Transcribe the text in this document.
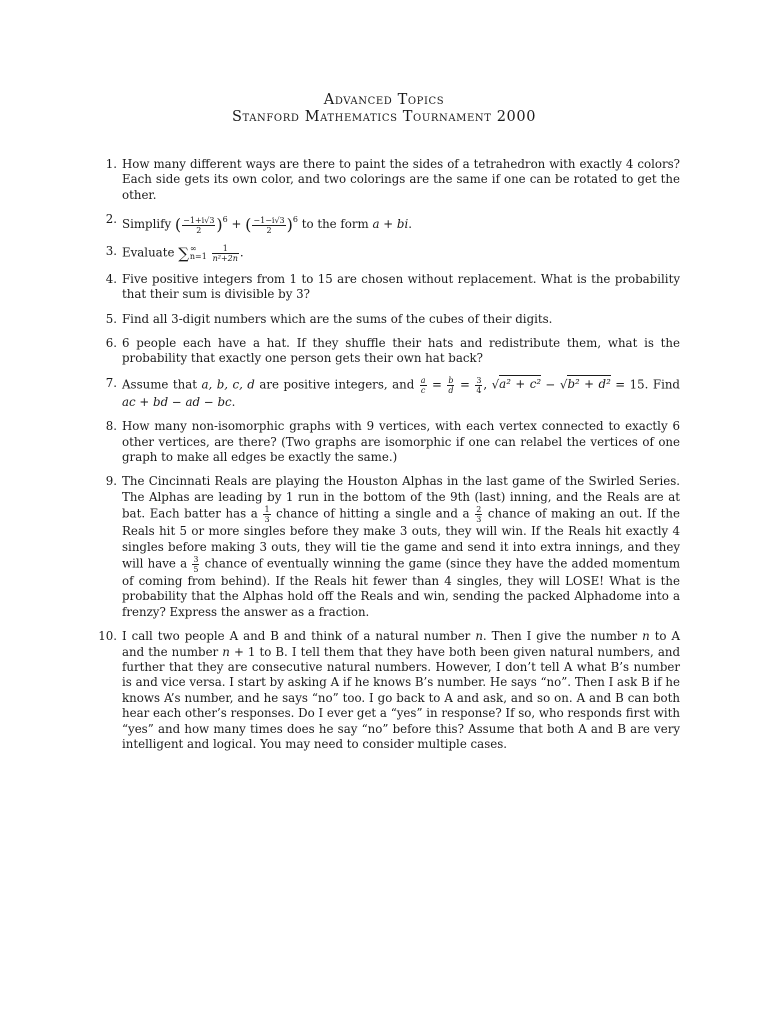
Advanced Topics
Stanford Mathematics Tournament 2000
1. How many different ways are there to paint the sides of a tetrahedron with exactly 4 colors? Each side gets its own color, and two colorings are the same if one can be rotated to get the other.
2. Simplify ( $\frac{-1+i√3}{2} )^6$ + ( $\frac{-1-i√3}{2} )^6$ to the form a + bi.
3. Evaluate ∑ ∞
n=1
$\frac{1}{\text{n²+2n}}$ .
4. Five positive integers from 1 to 15 are chosen without replacement. What is the probability that their sum is divisible by 3?
5. Find all 3-digit numbers which are the sums of the cubes of their digits.
6. 6 people each have a hat. If they shuffle their hats and redistribute them, what is the probability that exactly one person gets their own hat back?
7. Assume that a, b, c, d are positive integers, and $\frac{a}{c} = \frac{b}{d} = \frac{3}{4}$ , √a² + c² − √b² + d² = 15. Find ac + bd − ad − bc.
8. How many non-isomorphic graphs with 9 vertices, with each vertex connected to exactly 6 other vertices, are there? (Two graphs are isomorphic if one can relabel the vertices of one graph to make all edges be exactly the same.)
9. The Cincinnati Reals are playing the Houston Alphas in the last game of the Swirled Series. The Alphas are leading by 1 run in the bottom of the 9th (last) inning, and the Reals are at bat. Each batter has a $\frac{1}{3}$ chance of hitting a single and a $\frac{2}{3}$ chance of making an out. If the Reals hit 5 or more singles before they make 3 outs, they will win. If the Reals hit exactly 4 singles before making 3 outs, they will tie the game and send it into extra innings, and they will have a $\frac{3}{5}$ chance of eventually winning the game (since they have the added momentum of coming from behind). If the Reals hit fewer than 4 singles, they will LOSE! What is the probability that the Alphas hold off the Reals and win, sending the packed Alphadome into a frenzy? Express the answer as a fraction.
10. I call two people A and B and think of a natural number n. Then I give the number n to A and the number n + 1 to B. I tell them that they have both been given natural numbers, and further that they are consecutive natural numbers. However, I don’t tell A what B’s number is and vice versa. I start by asking A if he knows B’s number. He says “no”. Then I ask B if he knows A’s number, and he says “no” too. I go back to A and ask, and so on. A and B can both hear each other’s responses. Do I ever get a “yes” in response? If so, who responds first with “yes” and how many times does he say “no” before this? Assume that both A and B are very intelligent and logical. You may need to consider multiple cases.
